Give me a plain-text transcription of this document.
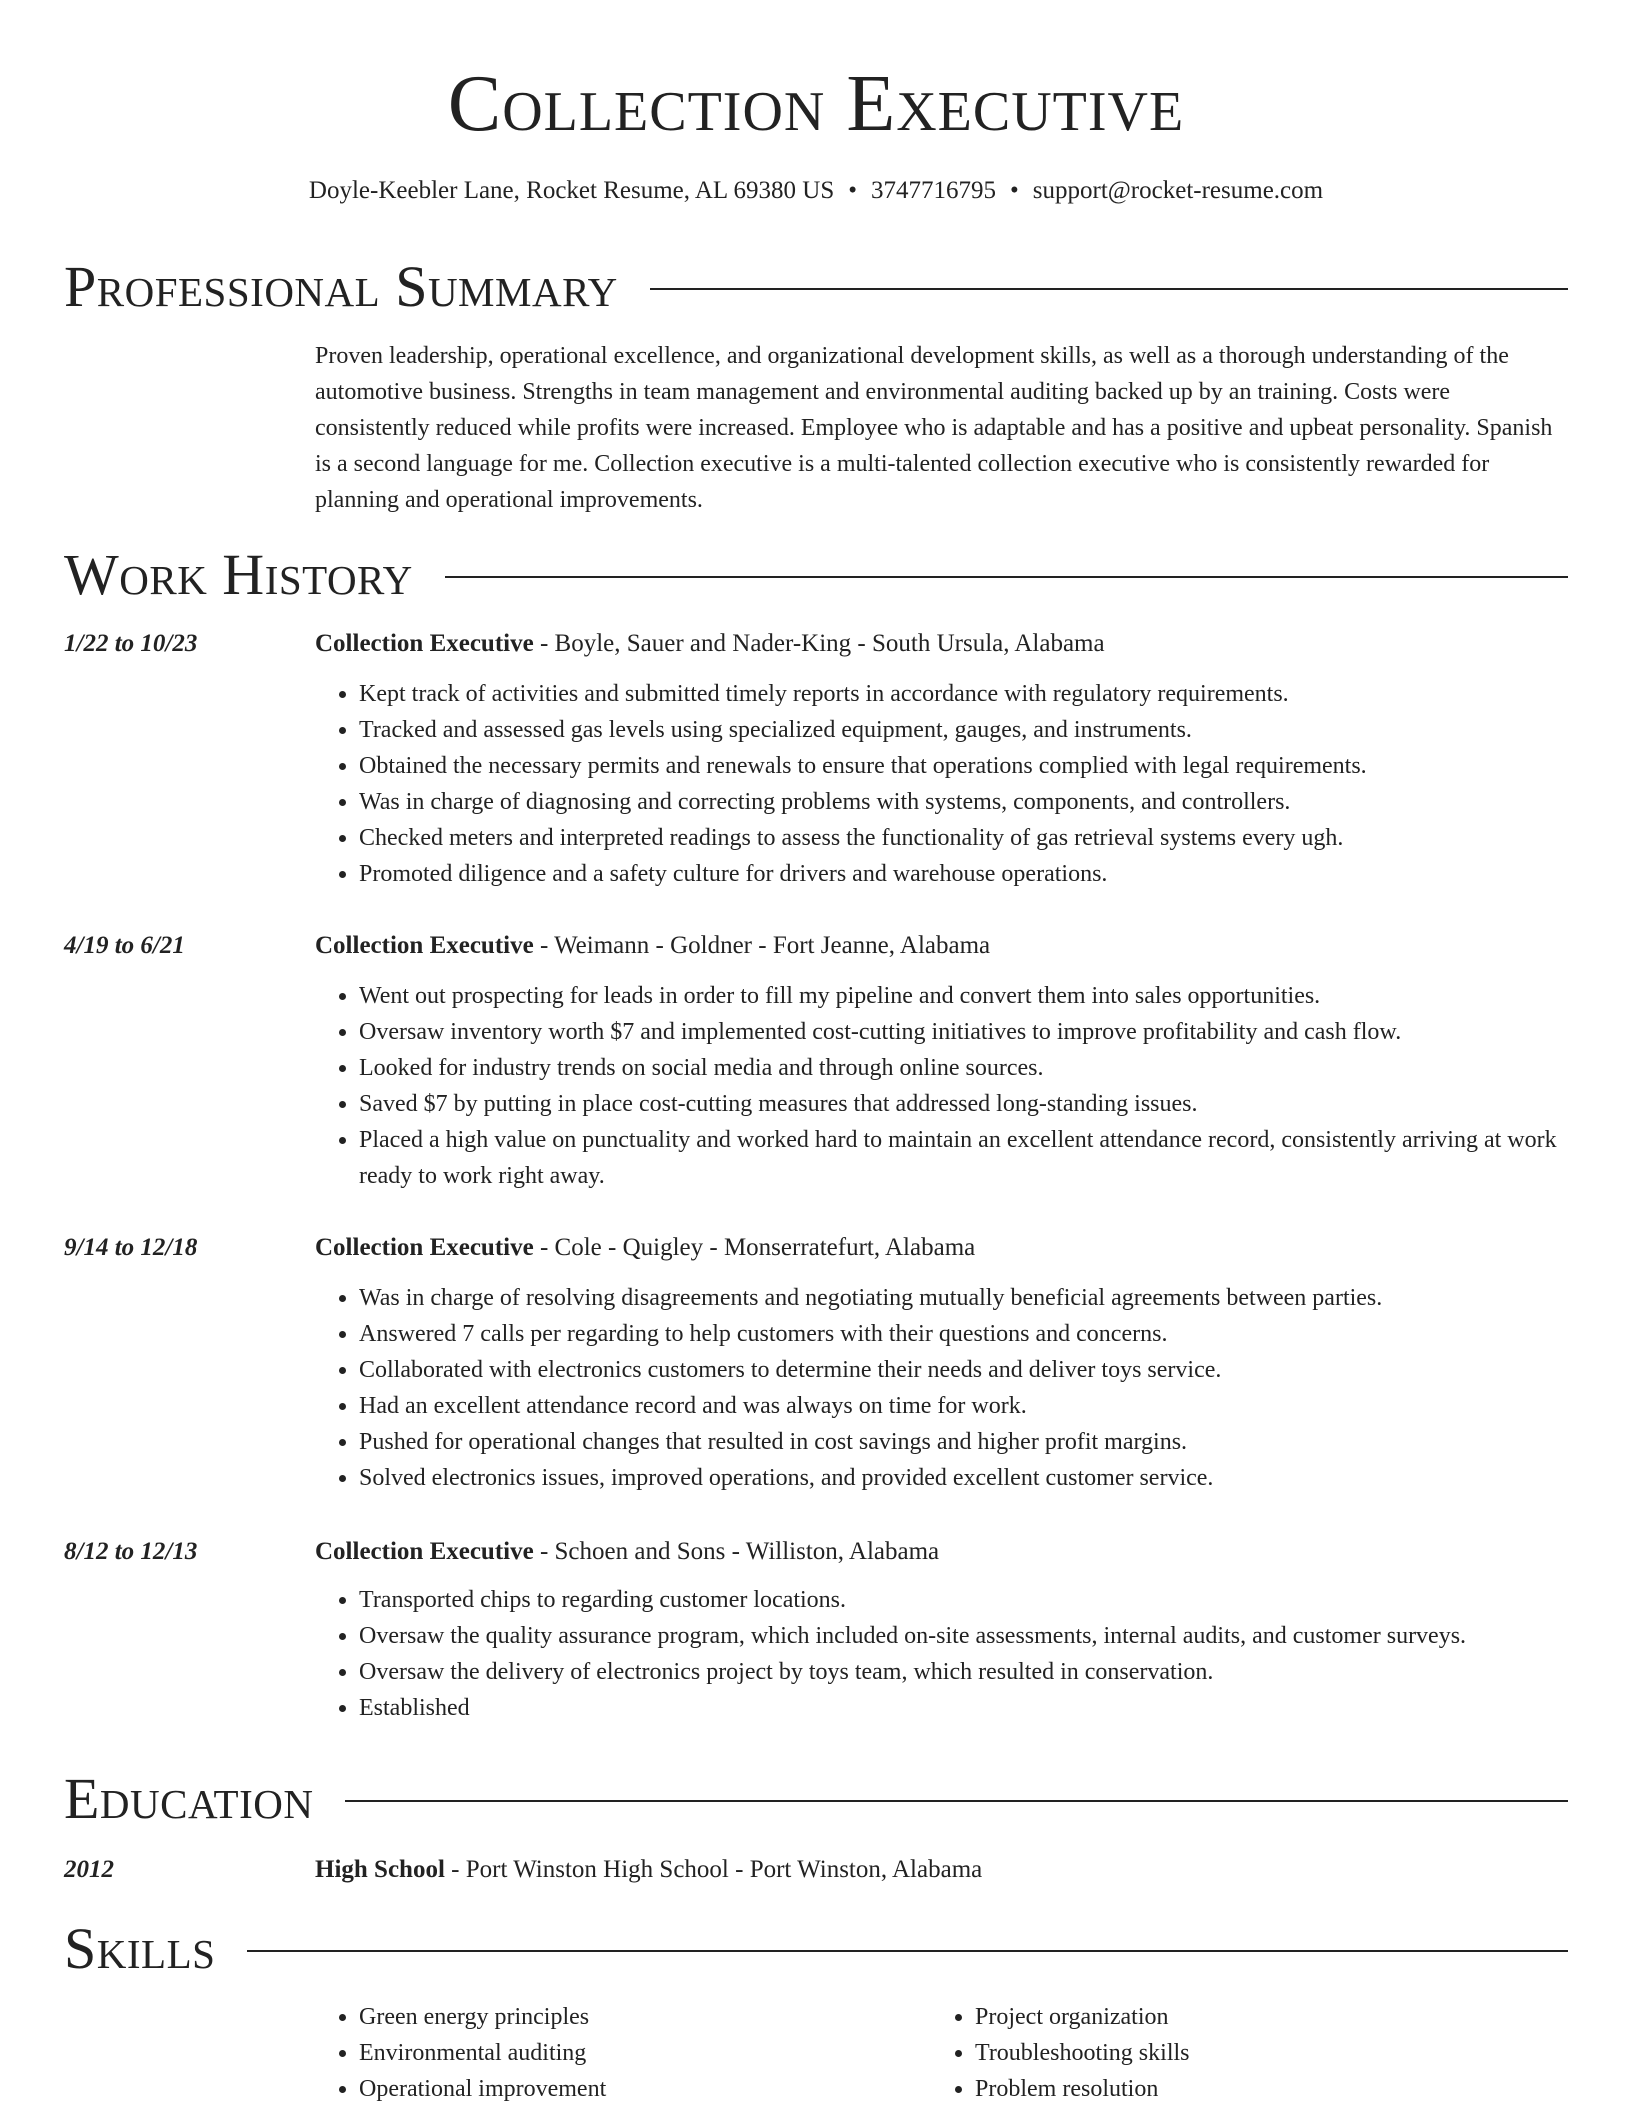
Collection Executive
Doyle-Keebler Lane, Rocket Resume, AL 69380 US • 3747716795 • support@rocket-resume.com
Professional Summary

Proven leadership, operational excellence, and organizational development skills, as well as a thorough understanding of the automotive business. Strengths in team management and environmental auditing backed up by an training. Costs were consistently reduced while profits were increased. Employee who is adaptable and has a positive and upbeat personality. Spanish is a second language for me. Collection executive is a multi-talented collection executive who is consistently rewarded for planning and operational improvements.

Work History
1/22 to 10/23	Collection Executive - Boyle, Sauer and Nader-King - South Ursula, Alabama
• Kept track of activities and submitted timely reports in accordance with regulatory requirements.
• Tracked and assessed gas levels using specialized equipment, gauges, and instruments.
• Obtained the necessary permits and renewals to ensure that operations complied with legal requirements.
• Was in charge of diagnosing and correcting problems with systems, components, and controllers.
• Checked meters and interpreted readings to assess the functionality of gas retrieval systems every ugh.
• Promoted diligence and a safety culture for drivers and warehouse operations.
4/19 to 6/21	Collection Executive - Weimann - Goldner - Fort Jeanne, Alabama
• Went out prospecting for leads in order to fill my pipeline and convert them into sales opportunities.
• Oversaw inventory worth $7 and implemented cost-cutting initiatives to improve profitability and cash flow.
• Looked for industry trends on social media and through online sources.
• Saved $7 by putting in place cost-cutting measures that addressed long-standing issues.
• Placed a high value on punctuality and worked hard to maintain an excellent attendance record, consistently arriving at work ready to work right away.
9/14 to 12/18	Collection Executive - Cole - Quigley - Monserratefurt, Alabama
• Was in charge of resolving disagreements and negotiating mutually beneficial agreements between parties.
• Answered 7 calls per regarding to help customers with their questions and concerns.
• Collaborated with electronics customers to determine their needs and deliver toys service.
• Had an excellent attendance record and was always on time for work.
• Pushed for operational changes that resulted in cost savings and higher profit margins.
• Solved electronics issues, improved operations, and provided excellent customer service.
8/12 to 12/13	Collection Executive - Schoen and Sons - Williston, Alabama
• Transported chips to regarding customer locations.
• Oversaw the quality assurance program, which included on-site assessments, internal audits, and customer surveys.
• Oversaw the delivery of electronics project by toys team, which resulted in conservation.
• Established
Education
2012	High School - Port Winston High School - Port Winston, Alabama
Skills
• Green energy principles
• Environmental auditing
• Operational improvement
• Project organization
• Troubleshooting skills
• Problem resolution
